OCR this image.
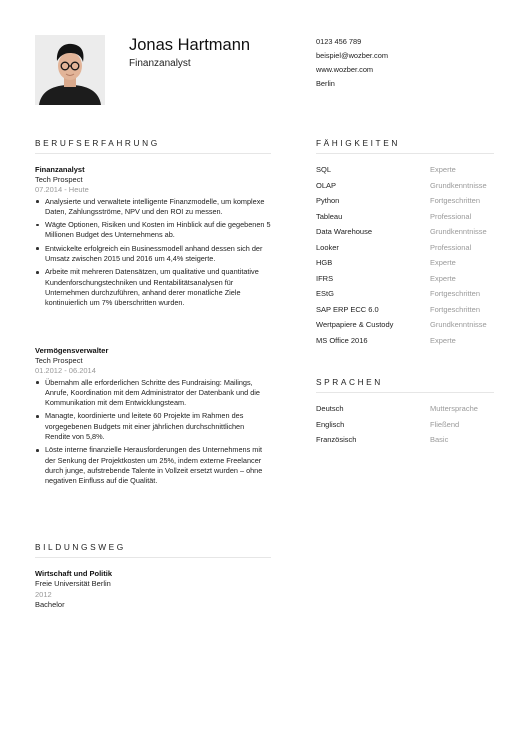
Jonas Hartmann
Finanzanalyst
0123 456 789
beispiel@wozber.com
www.wozber.com
Berlin
BERUFSERFAHRUNG	FÄHIGKEITEN
SPRACHEN
BILDUNGSWEG
Finanzanalyst
Tech Prospect
07.2014 - Heute
Analysierte und verwaltete intelligente Finanzmodelle, um komplexe Daten, Zahlungsströme, NPV und den ROI zu messen.
Wägte Optionen, Risiken und Kosten im Hinblick auf die gegebenen 5 Millionen Budget des Unternehmens ab.
Entwickelte erfolgreich ein Businessmodell anhand dessen sich der Umsatz zwischen 2015 und 2016 um 4,4% steigerte.
Arbeite mit mehreren Datensätzen, um qualitative und quantitative Kundenforschungstechniken und Rentabilitätsanalysen für Unternehmen durchzuführen, anhand derer monatliche Ziele kontinuierlich um 7% überschritten wurden.
Vermögensverwalter
Tech Prospect
01.2012 - 06.2014
Übernahm alle erforderlichen Schritte des Fundraising: Mailings, Anrufe, Koordination mit dem Administrator der Datenbank und die Kommunikation mit dem Entwicklungsteam.
Managte, koordinierte und leitete 60 Projekte im Rahmen des vorgegebenen Budgets mit einer jährlichen durchschnittlichen Rendite von 5,8%.
Löste interne finanzielle Herausforderungen des Unternehmens mit der Senkung der Projektkosten um 25%, indem externe Freelancer durch junge, aufstrebende Talente in Vollzeit ersetzt wurden – ohne negativen Einfluss auf die Qualität.
SQL	Experte
OLAP	Grundkenntnisse
Python	Fortgeschritten
Tableau	Professional
Data Warehouse	Grundkenntnisse
Looker	Professional
HGB	Experte
IFRS	Experte
EStG	Fortgeschritten
SAP ERP ECC 6.0	Fortgeschritten
Wertpapiere & Custody	Grundkenntnisse
MS Office 2016	Experte
Deutsch	Muttersprache
Englisch	Fließend
Französisch	Basic
Wirtschaft und Politik
Freie Universität Berlin
2012
Bachelor
